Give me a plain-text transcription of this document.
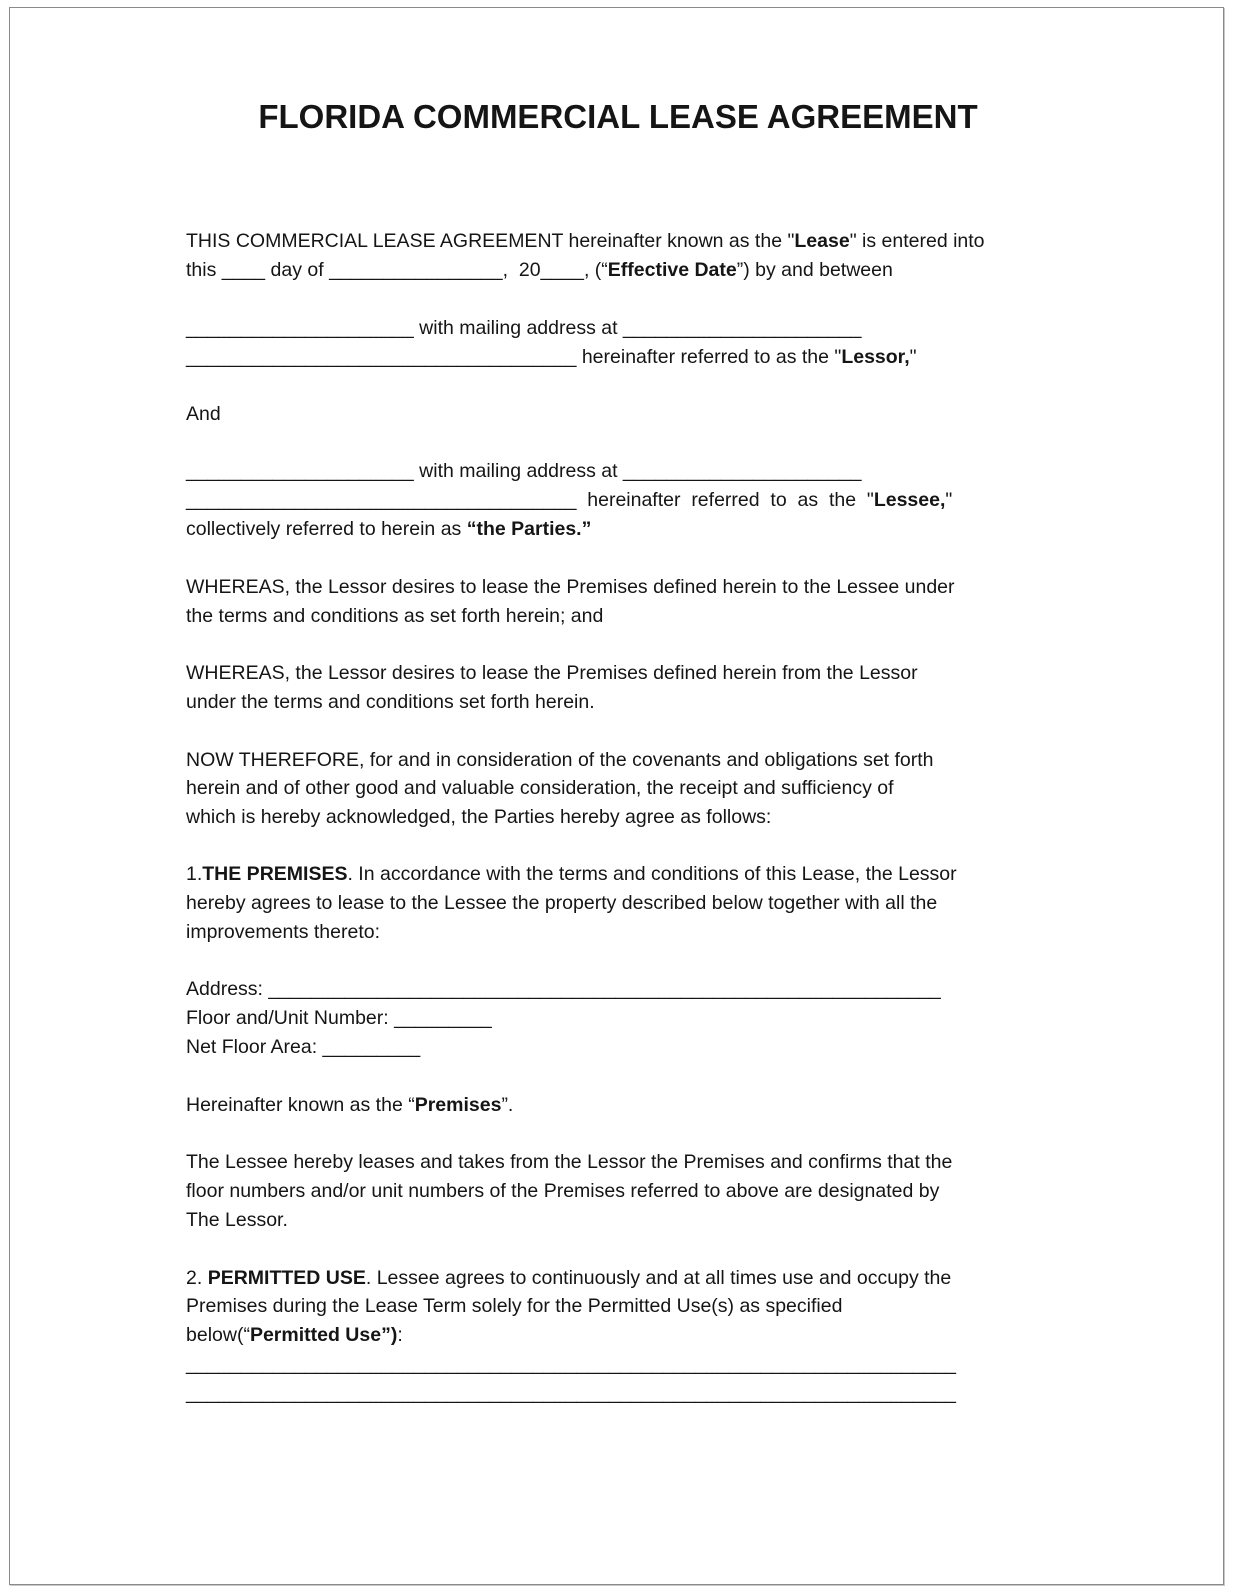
FLORIDA COMMERCIAL LEASE AGREEMENT
THIS COMMERCIAL LEASE AGREEMENT hereinafter known as the "Lease" is entered into
this ____ day of ________________,  20____, (“Effective Date”) by and between
_____________________ with mailing address at ______________________
____________________________________ hereinafter referred to as the "Lessor,"
And
_____________________ with mailing address at ______________________
____________________________________  hereinafter  referred  to  as  the  "Lessee,"
collectively referred to herein as “the Parties.”
WHEREAS, the Lessor desires to lease the Premises defined herein to the Lessee under
the terms and conditions as set forth herein; and
WHEREAS, the Lessor desires to lease the Premises defined herein from the Lessor
under the terms and conditions set forth herein.
NOW THEREFORE, for and in consideration of the covenants and obligations set forth
herein and of other good and valuable consideration, the receipt and sufficiency of
which is hereby acknowledged, the Parties hereby agree as follows:
1.THE PREMISES. In accordance with the terms and conditions of this Lease, the Lessor
hereby agrees to lease to the Lessee the property described below together with all the
improvements thereto:
Address: ______________________________________________________________
Floor and/Unit Number: _________
Net Floor Area: _________
Hereinafter known as the “Premises”.
The Lessee hereby leases and takes from the Lessor the Premises and confirms that the
floor numbers and/or unit numbers of the Premises referred to above are designated by
The Lessor.
2. PERMITTED USE. Lessee agrees to continuously and at all times use and occupy the
Premises during the Lease Term solely for the Permitted Use(s) as specified
below(“Permitted Use”):
_______________________________________________________________________
_______________________________________________________________________
